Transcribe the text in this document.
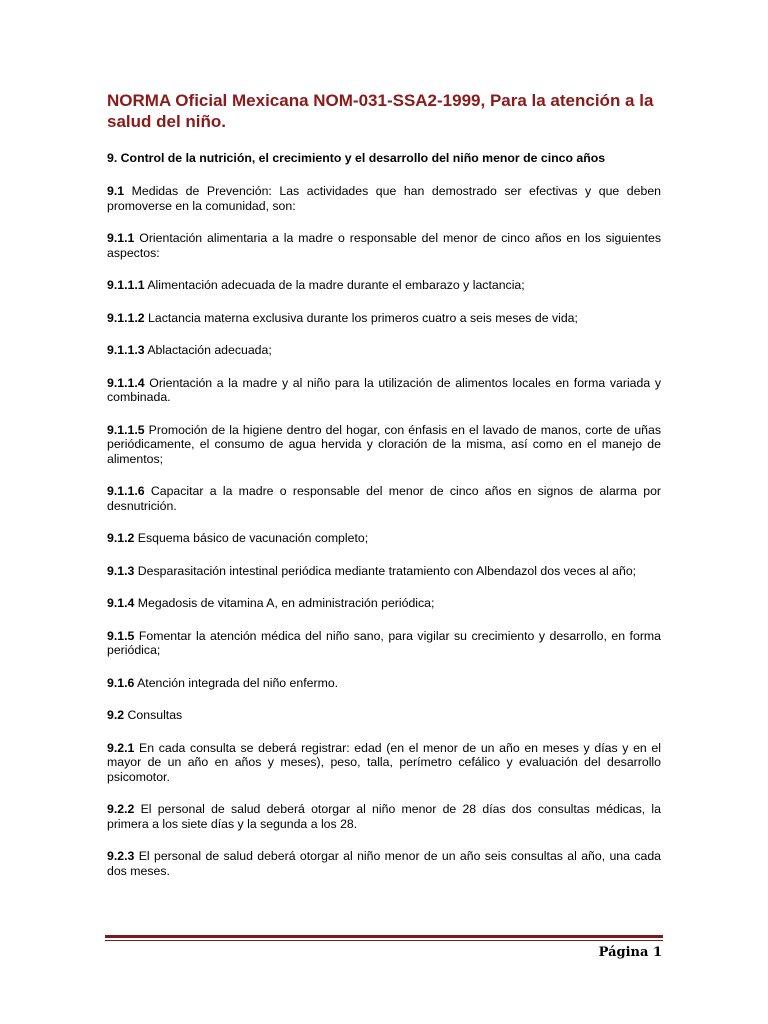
NORMA Oficial Mexicana NOM-031-SSA2-1999, Para la atención a la salud del niño.

9. Control de la nutrición, el crecimiento y el desarrollo del niño menor de cinco años

9.1 Medidas de Prevención: Las actividades que han demostrado ser efectivas y que deben promoverse en la comunidad, son:

9.1.1 Orientación alimentaria a la madre o responsable del menor de cinco años en los siguientes aspectos:

9.1.1.1 Alimentación adecuada de la madre durante el embarazo y lactancia;

9.1.1.2 Lactancia materna exclusiva durante los primeros cuatro a seis meses de vida;

9.1.1.3 Ablactación adecuada;

9.1.1.4 Orientación a la madre y al niño para la utilización de alimentos locales en forma variada y combinada.

9.1.1.5 Promoción de la higiene dentro del hogar, con énfasis en el lavado de manos, corte de uñas periódicamente, el consumo de agua hervida y cloración de la misma, así como en el manejo de alimentos;

9.1.1.6 Capacitar a la madre o responsable del menor de cinco años en signos de alarma por desnutrición.

9.1.2 Esquema básico de vacunación completo;

9.1.3 Desparasitación intestinal periódica mediante tratamiento con Albendazol dos veces al año;

9.1.4 Megadosis de vitamina A, en administración periódica;

9.1.5 Fomentar la atención médica del niño sano, para vigilar su crecimiento y desarrollo, en forma periódica;

9.1.6 Atención integrada del niño enfermo.

9.2 Consultas

9.2.1 En cada consulta se deberá registrar: edad (en el menor de un año en meses y días y en el mayor de un año en años y meses), peso, talla, perímetro cefálico y evaluación del desarrollo psicomotor.

9.2.2 El personal de salud deberá otorgar al niño menor de 28 días dos consultas médicas, la primera a los siete días y la segunda a los 28.

9.2.3 El personal de salud deberá otorgar al niño menor de un año seis consultas al año, una cada dos meses.

Página 1
